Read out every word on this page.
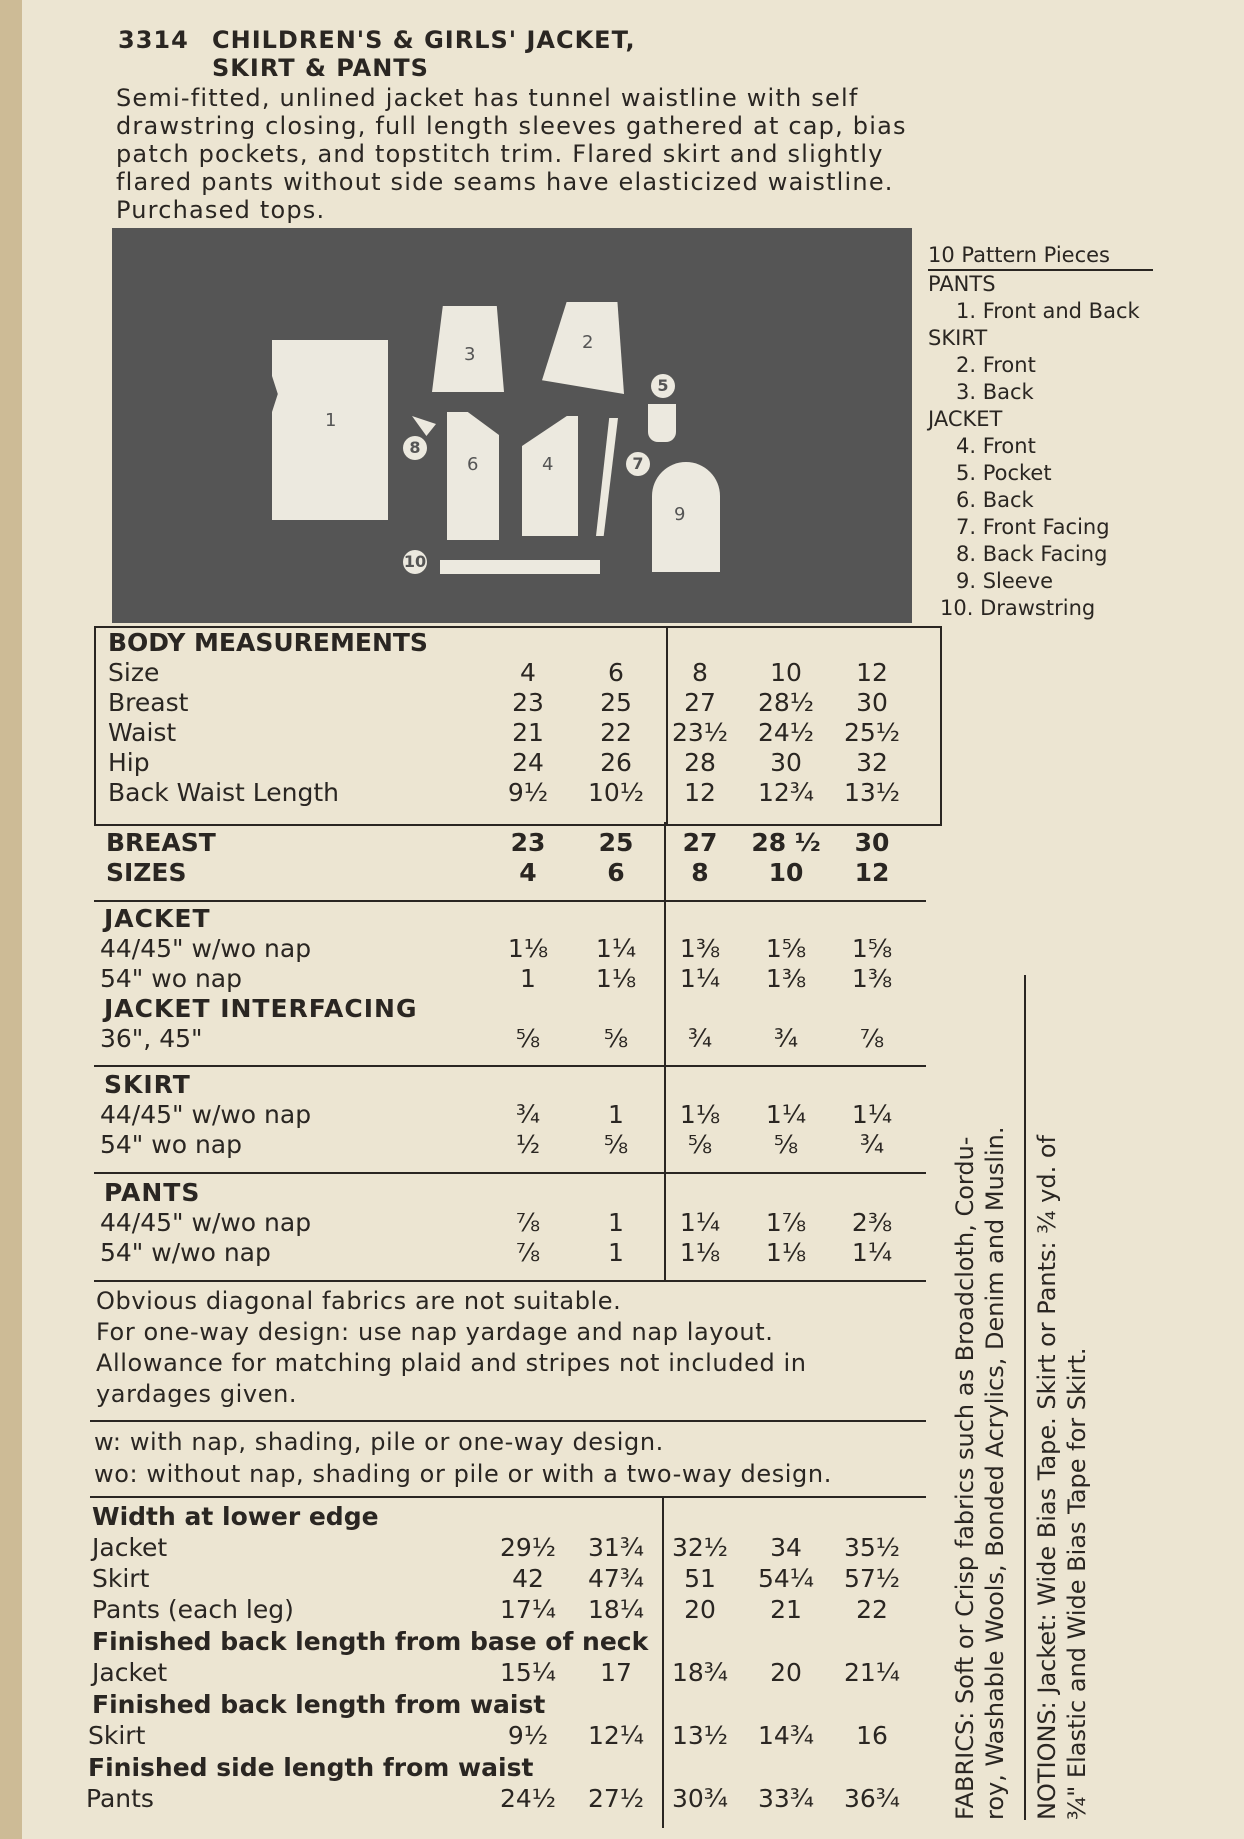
3314 CHILDREN'S & GIRLS' JACKET,
SKIRT & PANTS
Semi-fitted, unlined jacket has tunnel waistline with self
drawstring closing, full length sleeves gathered at cap, bias
patch pockets, and topstitch trim. Flared skirt and slightly
flared pants without side seams have elasticized waistline.
Purchased tops.
1
3
2
5
8
6	4	7
9
10
10 Pattern Pieces
PANTS
1. Front and Back
SKIRT
2. Front
3. Back
JACKET
4. Front
5. Pocket
6. Back
7. Front Facing
8. Back Facing
9. Sleeve
10. Drawstring
BODY MEASUREMENTS
Size	4	6	8	10	12
Breast	23	25	27	28½	30
Waist	21	22	23½	24½	25½
Hip	24	26	28	30	32
Back Waist Length	9½	10½	12	12¾	13½
BREAST	23	25	27	28 ½	30
SIZES	4	6	8	10	12
JACKET
44/45" w/wo nap	1⅛	1¼	1⅜	1⅝	1⅝
54" wo nap	1	1⅛	1¼	1⅜	1⅜
JACKET INTERFACING
36", 45"	⅝	⅝	¾	¾	⅞
SKIRT
44/45" w/wo nap	¾	1	1⅛	1¼	1¼
54" wo nap	½	⅝	⅝	⅝	¾
PANTS
44/45" w/wo nap	⅞	1	1¼	1⅞	2⅜
54" w/wo nap	⅞	1	1⅛	1⅛	1¼
Obvious diagonal fabrics are not suitable.
For one-way design: use nap yardage and nap layout.
Allowance for matching plaid and stripes not included in
yardages given.
w: with nap, shading, pile or one-way design.
wo: without nap, shading or pile or with a two-way design.
Width at lower edge
Jacket	29½	31¾	32½	34	35½
Skirt	42	47¾	51	54¼	57½
Pants (each leg)	17¼	18¼	20	21	22
Finished back length from base of neck
Jacket	15¼	17	18¾	20	21¼
Finished back length from waist
Skirt	9½	12¼	13½	14¾	16
Finished side length from waist
Pants	24½	27½	30¾	33¾	36¾	FABRICS: Soft or Crisp fabrics such as Broadcloth, Cordu- roy, Washable Wools, Bonded Acrylics, Denim and Muslin. NOTIONS: Jacket: Wide Bias Tape. Skirt or Pants: ¾ yd. of ¾" Elastic and Wide Bias Tape for Skirt.
